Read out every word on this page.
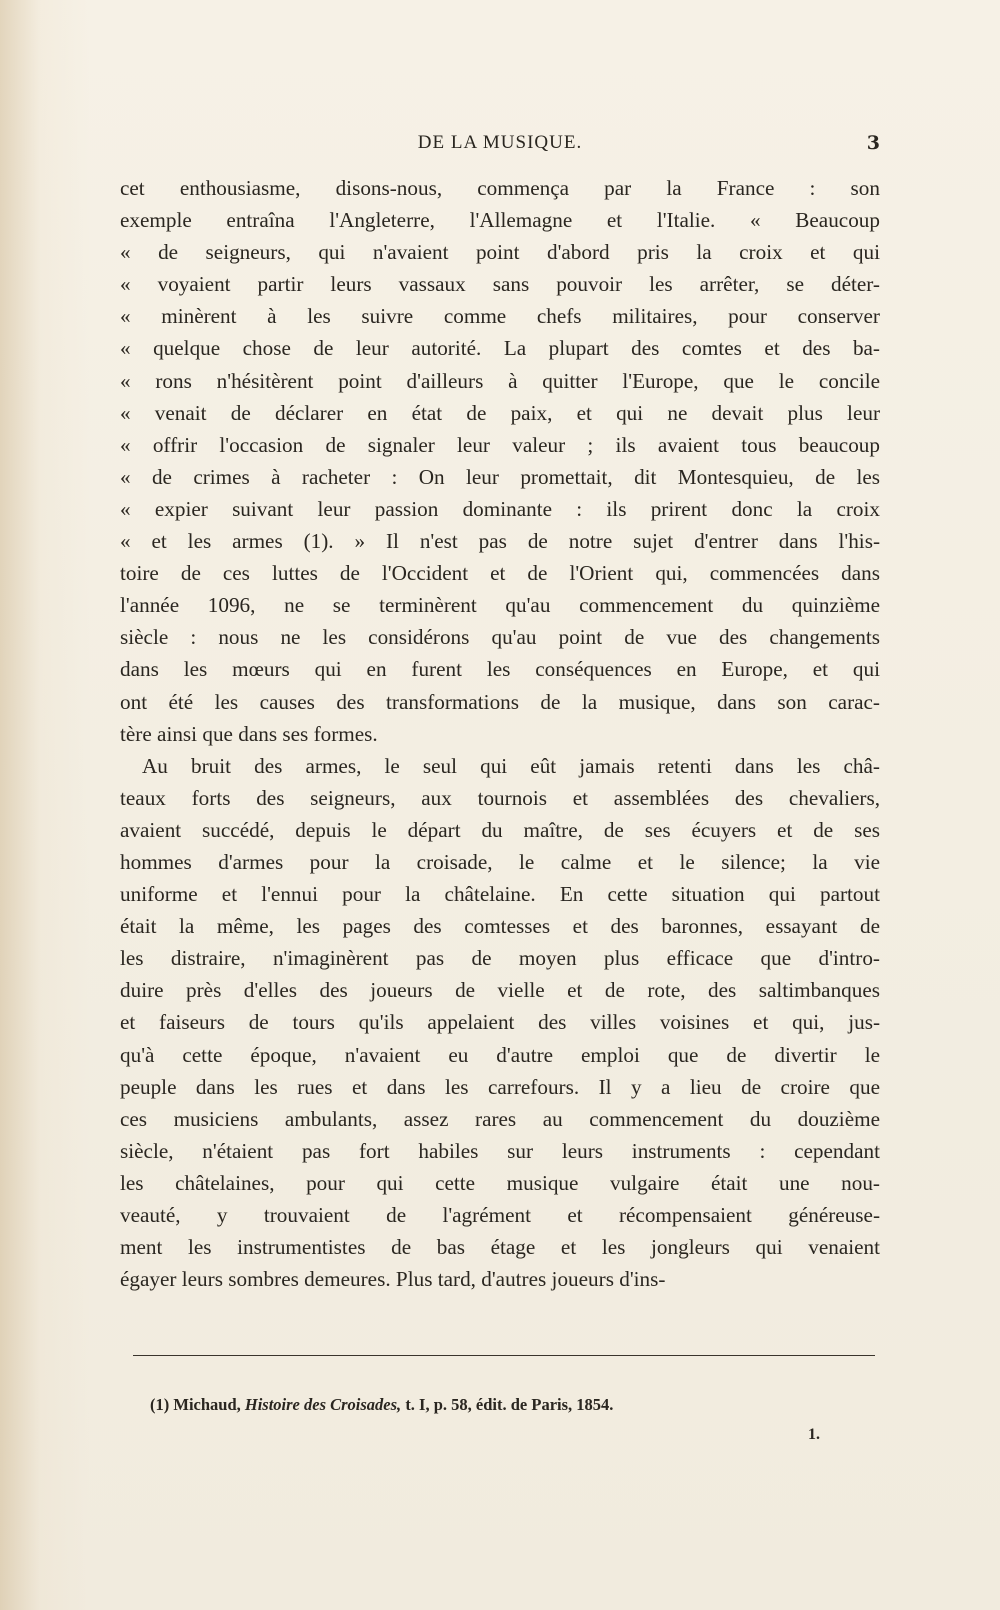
DE LA MUSIQUE.	3
cet enthousiasme, disons-nous, commença par la France : son
exemple entraîna l'Angleterre, l'Allemagne et l'Italie. « Beaucoup
« de seigneurs, qui n'avaient point d'abord pris la croix et qui
« voyaient partir leurs vassaux sans pouvoir les arrêter, se déter-
« minèrent à les suivre comme chefs militaires, pour conserver
« quelque chose de leur autorité. La plupart des comtes et des ba-
« rons n'hésitèrent point d'ailleurs à quitter l'Europe, que le concile
« venait de déclarer en état de paix, et qui ne devait plus leur
« offrir l'occasion de signaler leur valeur ; ils avaient tous beaucoup
« de crimes à racheter : On leur promettait, dit Montesquieu, de les
« expier suivant leur passion dominante : ils prirent donc la croix
« et les armes (1). » Il n'est pas de notre sujet d'entrer dans l'his-
toire de ces luttes de l'Occident et de l'Orient qui, commencées dans
l'année 1096, ne se terminèrent qu'au commencement du quinzième
siècle : nous ne les considérons qu'au point de vue des changements
dans les mœurs qui en furent les conséquences en Europe, et qui
ont été les causes des transformations de la musique, dans son carac-
tère ainsi que dans ses formes.
Au bruit des armes, le seul qui eût jamais retenti dans les châ-
teaux forts des seigneurs, aux tournois et assemblées des chevaliers,
avaient succédé, depuis le départ du maître, de ses écuyers et de ses
hommes d'armes pour la croisade, le calme et le silence; la vie
uniforme et l'ennui pour la châtelaine. En cette situation qui partout
était la même, les pages des comtesses et des baronnes, essayant de
les distraire, n'imaginèrent pas de moyen plus efficace que d'intro-
duire près d'elles des joueurs de vielle et de rote, des saltimbanques
et faiseurs de tours qu'ils appelaient des villes voisines et qui, jus-
qu'à cette époque, n'avaient eu d'autre emploi que de divertir le
peuple dans les rues et dans les carrefours. Il y a lieu de croire que
ces musiciens ambulants, assez rares au commencement du douzième
siècle, n'étaient pas fort habiles sur leurs instruments : cependant
les châtelaines, pour qui cette musique vulgaire était une nou-
veauté, y trouvaient de l'agrément et récompensaient généreuse-
ment les instrumentistes de bas étage et les jongleurs qui venaient
égayer leurs sombres demeures. Plus tard, d'autres joueurs d'ins-
(1) Michaud, Histoire des Croisades, t. I, p. 58, édit. de Paris, 1854.
1.
